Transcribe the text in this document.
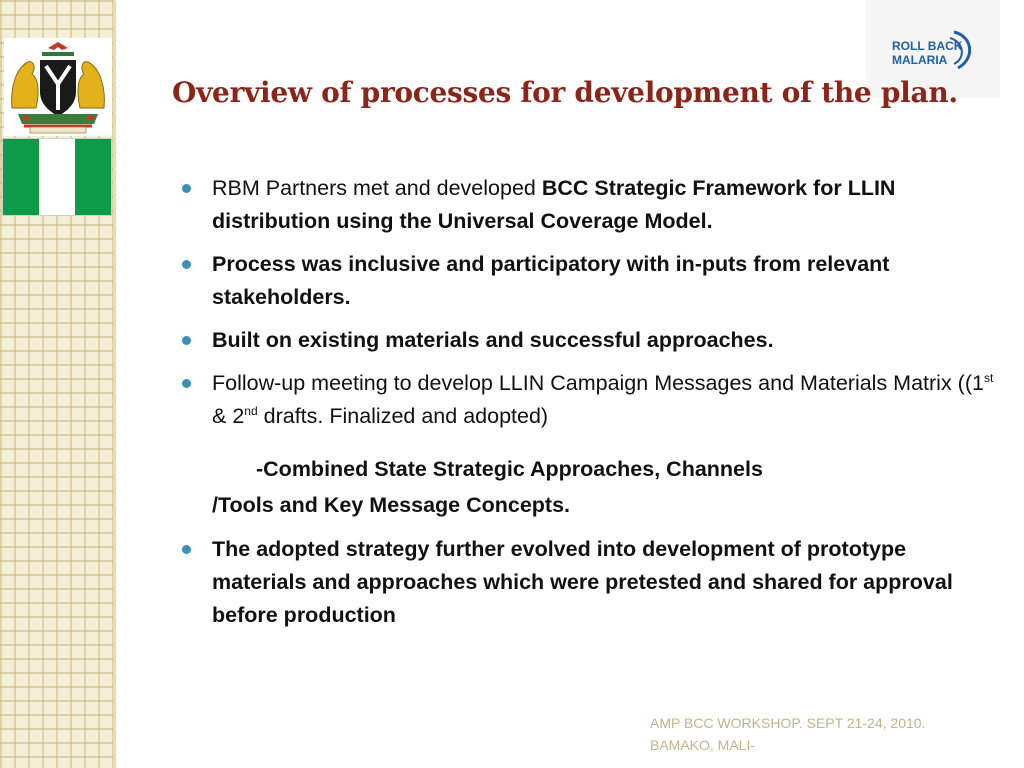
ROLL BACK
MALARIA
Overview of processes for development of the plan.
RBM Partners met and developed BCC Strategic Framework for LLIN distribution using the Universal Coverage Model.
Process was inclusive and participatory with in-puts from relevant stakeholders.
Built on existing materials and successful approaches.
Follow-up meeting to develop LLIN Campaign Messages and Materials Matrix ((1st & 2nd drafts. Finalized and adopted)
-Combined State Strategic Approaches, Channels
/Tools and Key Message Concepts.
The adopted strategy further evolved into development of prototype materials and approaches which were pretested and shared for approval before production
AMP BCC WORKSHOP. SEPT 21-24, 2010.
BAMAKO, MALI-
